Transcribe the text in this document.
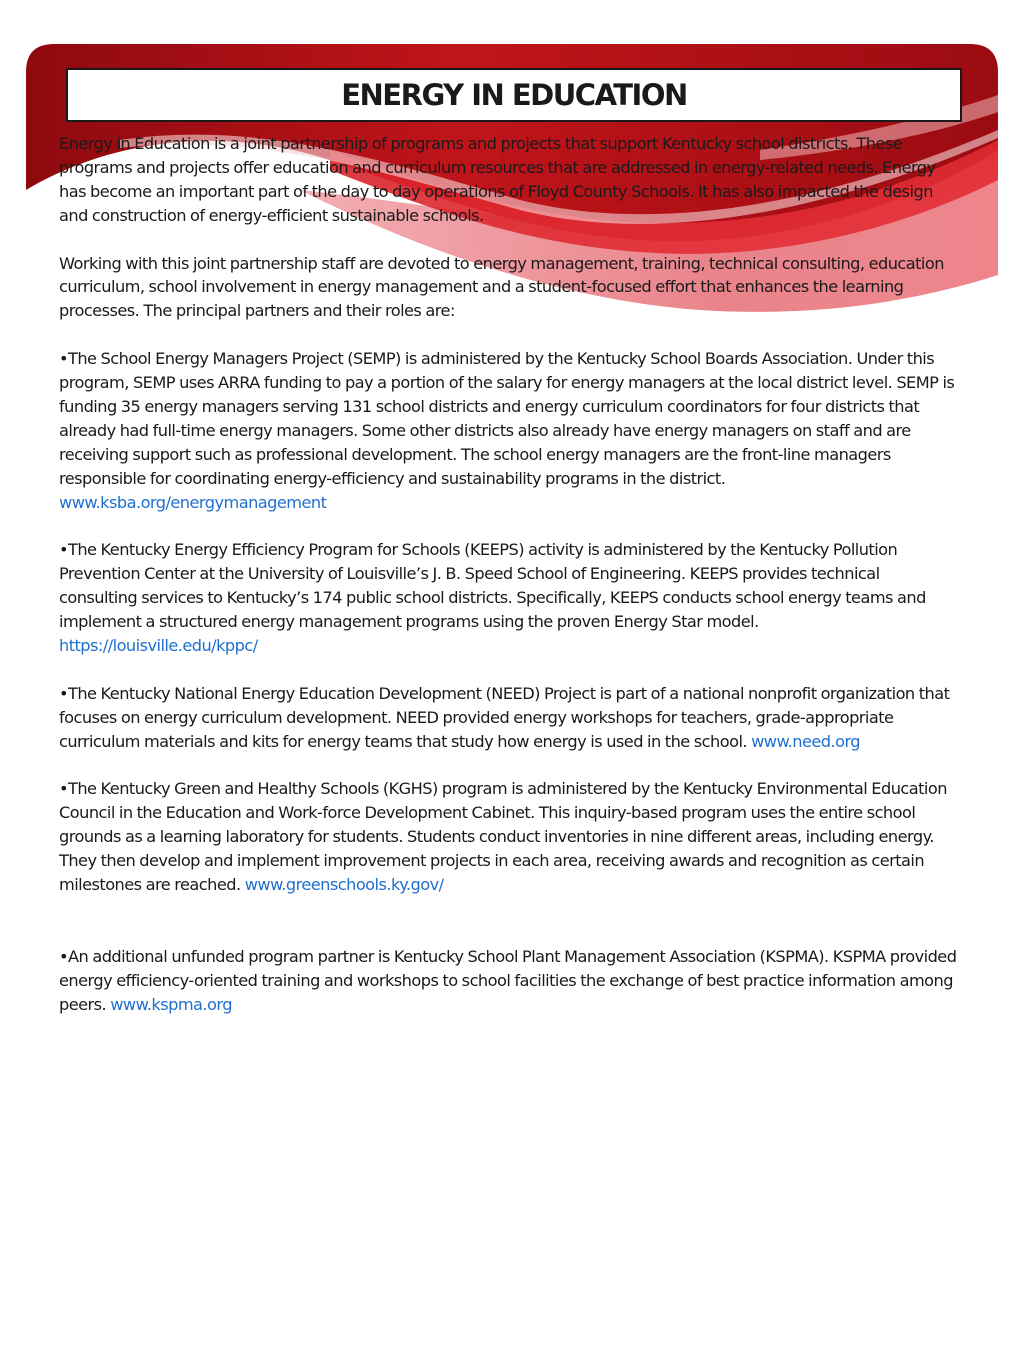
ENERGY IN EDUCATION

Energy in Education is a joint partnership of programs and projects that support Kentucky school districts. These programs and projects offer education and curriculum resources that are addressed in energy-related needs. Energy has become an important part of the day to day operations of Floyd County Schools. It has also impacted the design and construction of energy-efficient sustainable schools.

Working with this joint partnership staff are devoted to energy management, training, technical consulting, education curriculum, school involvement in energy management and a student-focused effort that enhances the learning processes. The principal partners and their roles are:

•The School Energy Managers Project (SEMP) is administered by the Kentucky School Boards Association. Under this program, SEMP uses ARRA funding to pay a portion of the salary for energy managers at the local district level. SEMP is funding 35 energy managers serving 131 school districts and energy curriculum coordinators for four districts that already had full-time energy managers. Some other districts also already have energy managers on staff and are receiving support such as professional development. The school energy managers are the front-line managers responsible for coordinating energy-efficiency and sustainability programs in the district. www.ksba.org/energymanagement

•The Kentucky Energy Efficiency Program for Schools (KEEPS) activity is administered by the Kentucky Pollution Prevention Center at the University of Louisville’s J. B. Speed School of Engineering. KEEPS provides technical consulting services to Kentucky’s 174 public school districts. Specifically, KEEPS conducts school energy teams and implement a structured energy management programs using the proven Energy Star model. https://louisville.edu/kppc/

•The Kentucky National Energy Education Development (NEED) Project is part of a national nonprofit organization that focuses on energy curriculum development. NEED provided energy workshops for teachers, grade-appropriate curriculum materials and kits for energy teams that study how energy is used in the school. www.need.org

•The Kentucky Green and Healthy Schools (KGHS) program is administered by the Kentucky Environmental Education Council in the Education and Work-force Development Cabinet. This inquiry-based program uses the entire school grounds as a learning laboratory for students. Students conduct inventories in nine different areas, including energy. They then develop and implement improvement projects in each area, receiving awards and recognition as certain milestones are reached. www.greenschools.ky.gov/

•An additional unfunded program partner is Kentucky School Plant Management Association (KSPMA). KSPMA provided energy efficiency-oriented training and workshops to school facilities the exchange of best practice information among peers. www.kspma.org
